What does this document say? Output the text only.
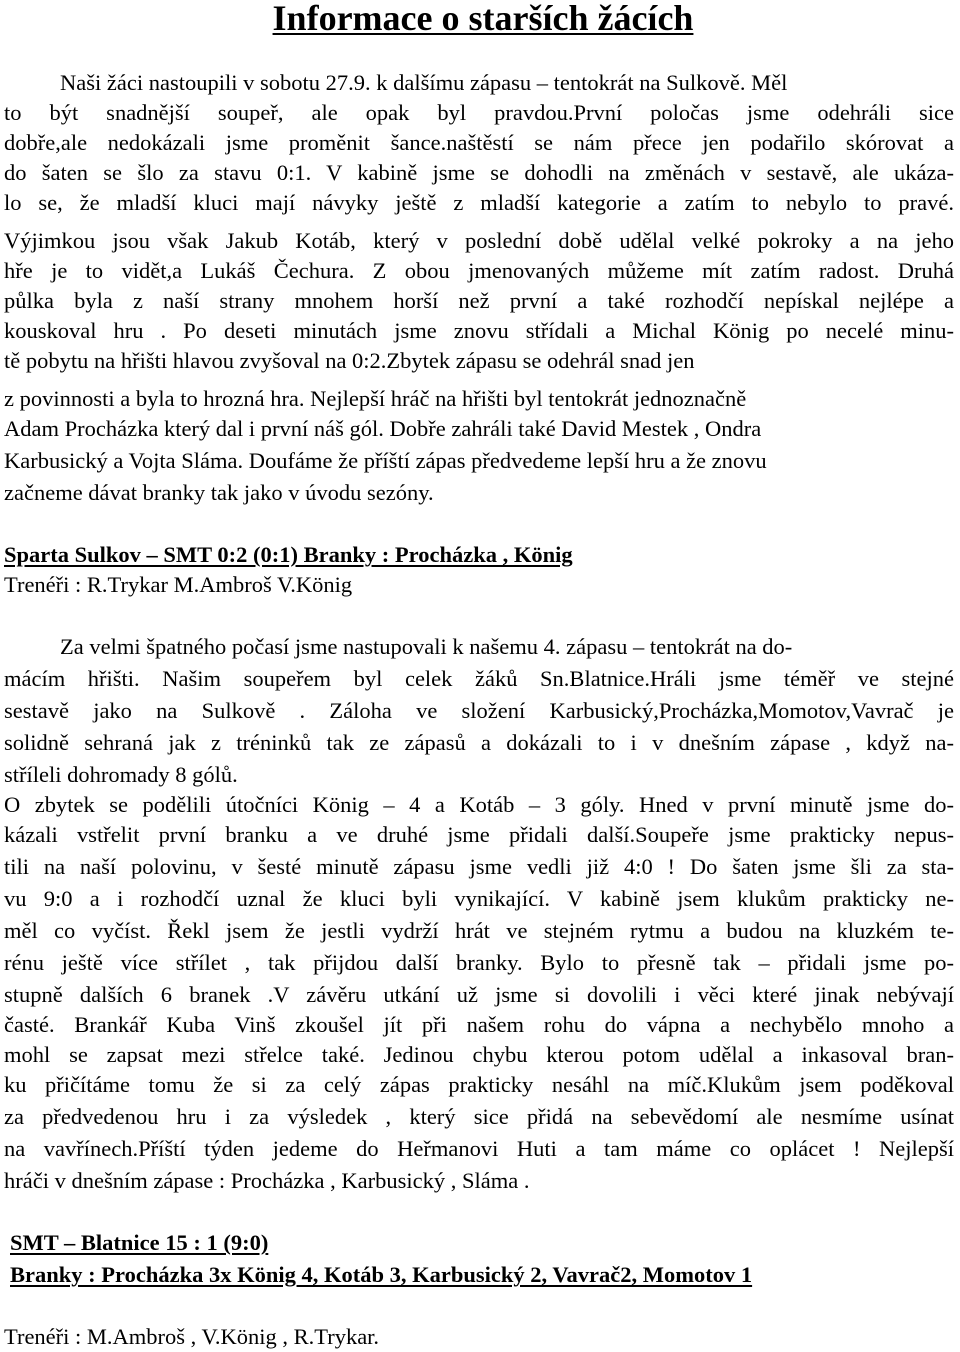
Informace o starších žácích

Naši žáci nastoupili v sobotu 27.9. k dalšímu zápasu – tentokrát na Sulkově. Měl

to být snadnější soupeř, ale opak byl pravdou.První poločas jsme odehráli sice

dobře,ale nedokázali jsme proměnit šance.naštěstí se nám přece jen podařilo skórovat a

do šaten se šlo za stavu 0:1. V kabině jsme se dohodli na změnách v sestavě, ale ukáza-

lo se, že mladší kluci mají návyky ještě z mladší kategorie a zatím to nebylo to pravé.

Výjimkou jsou však Jakub Kotáb, který v poslední době udělal velké pokroky a na jeho

hře je to vidět,a Lukáš Čechura. Z obou jmenovaných můžeme mít zatím radost. Druhá

půlka byla z naší strany mnohem horší než první a také rozhodčí nepískal nejlépe a

kouskoval hru . Po deseti minutách jsme znovu střídali a Michal König po necelé minu-

tě pobytu na hřišti hlavou zvyšoval na 0:2.Zbytek zápasu se odehrál snad jen

z povinnosti a byla to hrozná hra. Nejlepší hráč na hřišti byl tentokrát jednoznačně

Adam Procházka který dal i první náš gól. Dobře zahráli také David Mestek , Ondra

Karbusický a Vojta Sláma. Doufáme že příští zápas předvedeme lepší hru a že znovu

začneme dávat branky tak jako v úvodu sezóny.

Sparta Sulkov – SMT 0:2 (0:1) Branky : Procházka , König

Trenéři : R.Trykar M.Ambroš V.König

Za velmi špatného počasí jsme nastupovali k našemu 4. zápasu – tentokrát na do-

mácím hřišti. Našim soupeřem byl celek žáků Sn.Blatnice.Hráli jsme téměř ve stejné

sestavě jako na Sulkově . Záloha ve složení Karbusický,Procházka,Momotov,Vavrač je

solidně sehraná jak z tréninků tak ze zápasů a dokázali to i v dnešním zápase , když na-

stříleli dohromady 8 gólů.

O zbytek se podělili útočníci König – 4 a Kotáb – 3 góly. Hned v první minutě jsme do-

kázali vstřelit první branku a ve druhé jsme přidali další.Soupeře jsme prakticky nepus-

tili na naší polovinu, v šesté minutě zápasu jsme vedli již 4:0 ! Do šaten jsme šli za sta-

vu 9:0 a i rozhodčí uznal že kluci byli vynikající. V kabině jsem klukům prakticky ne-

měl co vyčíst. Řekl jsem že jestli vydrží hrát ve stejném rytmu a budou na kluzkém te-

rénu ještě více střílet , tak přijdou další branky. Bylo to přesně tak – přidali jsme po-

stupně dalších 6 branek .V závěru utkání už jsme si dovolili i věci které jinak nebývají

časté. Brankář Kuba Vinš zkoušel jít při našem rohu do vápna a nechybělo mnoho a

mohl se zapsat mezi střelce také. Jedinou chybu kterou potom udělal a inkasoval bran-

ku přičítáme tomu že si za celý zápas prakticky nesáhl na míč.Klukům jsem poděkoval

za předvedenou hru i za výsledek , který sice přidá na sebevědomí ale nesmíme usínat

na vavřínech.Příští týden jedeme do Heřmanovi Huti a tam máme co oplácet ! Nejlepší

hráči v dnešním zápase : Procházka , Karbusický , Sláma .

SMT – Blatnice 15 : 1 (9:0)

Branky : Procházka 3x König 4, Kotáb 3, Karbusický 2, Vavrač2, Momotov 1

Trenéři : M.Ambroš , V.König , R.Trykar.
